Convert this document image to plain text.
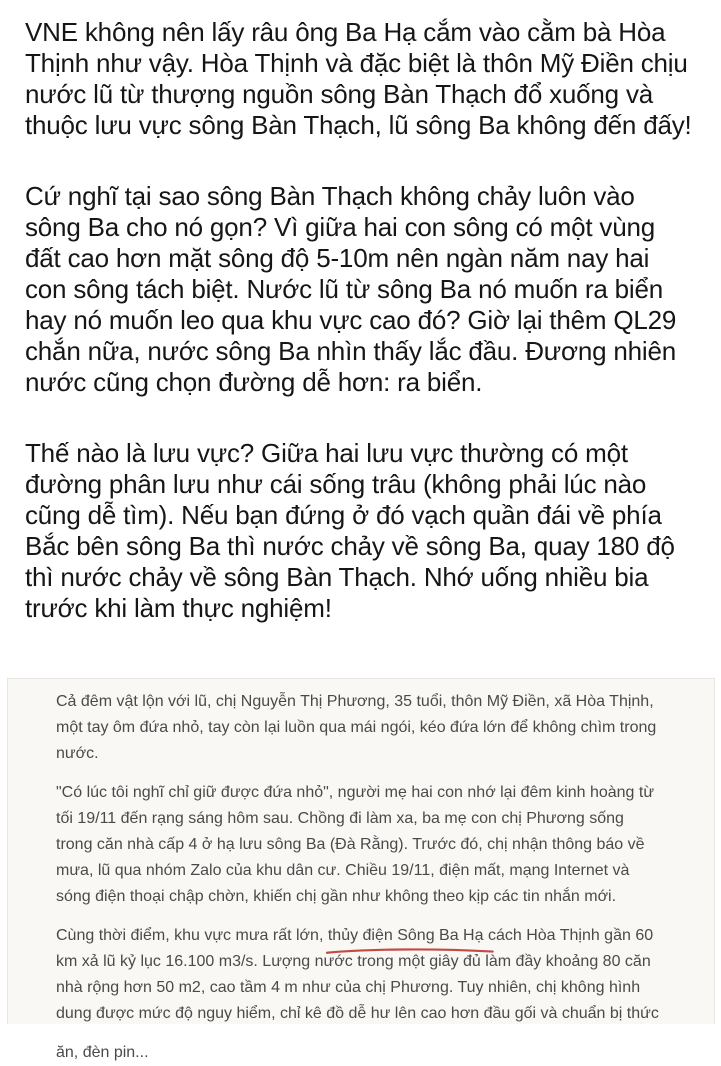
VNE không nên lấy râu ông Ba Hạ cắm vào cằm bà Hòa Thịnh như vậy. Hòa Thịnh và đặc biệt là thôn Mỹ Điền chịu nước lũ từ thượng nguồn sông Bàn Thạch đổ xuống và thuộc lưu vực sông Bàn Thạch, lũ sông Ba không đến đấy!

Cứ nghĩ tại sao sông Bàn Thạch không chảy luôn vào sông Ba cho nó gọn? Vì giữa hai con sông có một vùng đất cao hơn mặt sông độ 5-10m nên ngàn năm nay hai con sông tách biệt. Nước lũ từ sông Ba nó muốn ra biển hay nó muốn leo qua khu vực cao đó? Giờ lại thêm QL29 chắn nữa, nước sông Ba nhìn thấy lắc đầu. Đương nhiên nước cũng chọn đường dễ hơn: ra biển.

Thế nào là lưu vực? Giữa hai lưu vực thường có một đường phân lưu như cái sống trâu (không phải lúc nào cũng dễ tìm). Nếu bạn đứng ở đó vạch quần đái về phía Bắc bên sông Ba thì nước chảy về sông Ba, quay 180 độ thì nước chảy về sông Bàn Thạch. Nhớ uống nhiều bia trước khi làm thực nghiệm!

Cả đêm vật lộn với lũ, chị Nguyễn Thị Phương, 35 tuổi, thôn Mỹ Điền, xã Hòa Thịnh, một tay ôm đứa nhỏ, tay còn lại luồn qua mái ngói, kéo đứa lớn để không chìm trong nước.

"Có lúc tôi nghĩ chỉ giữ được đứa nhỏ", người mẹ hai con nhớ lại đêm kinh hoàng từ tối 19/11 đến rạng sáng hôm sau. Chồng đi làm xa, ba mẹ con chị Phương sống trong căn nhà cấp 4 ở hạ lưu sông Ba (Đà Rằng). Trước đó, chị nhận thông báo về mưa, lũ qua nhóm Zalo của khu dân cư. Chiều 19/11, điện mất, mạng Internet và sóng điện thoại chập chờn, khiến chị gần như không theo kịp các tin nhắn mới.

Cùng thời điểm, khu vực mưa rất lớn, thủy điện Sông Ba Hạ
cách Hòa Thịnh gần 60 km xả lũ kỷ lục 16.100 m3/s. Lượng nước trong một giây đủ làm đầy khoảng 80 căn nhà rộng hơn 50 m2, cao tầm 4 m như của chị Phương. Tuy nhiên, chị không hình dung được mức độ nguy hiểm, chỉ kê đồ dễ hư lên cao hơn đầu gối và chuẩn bị thức

ăn, đèn pin...
